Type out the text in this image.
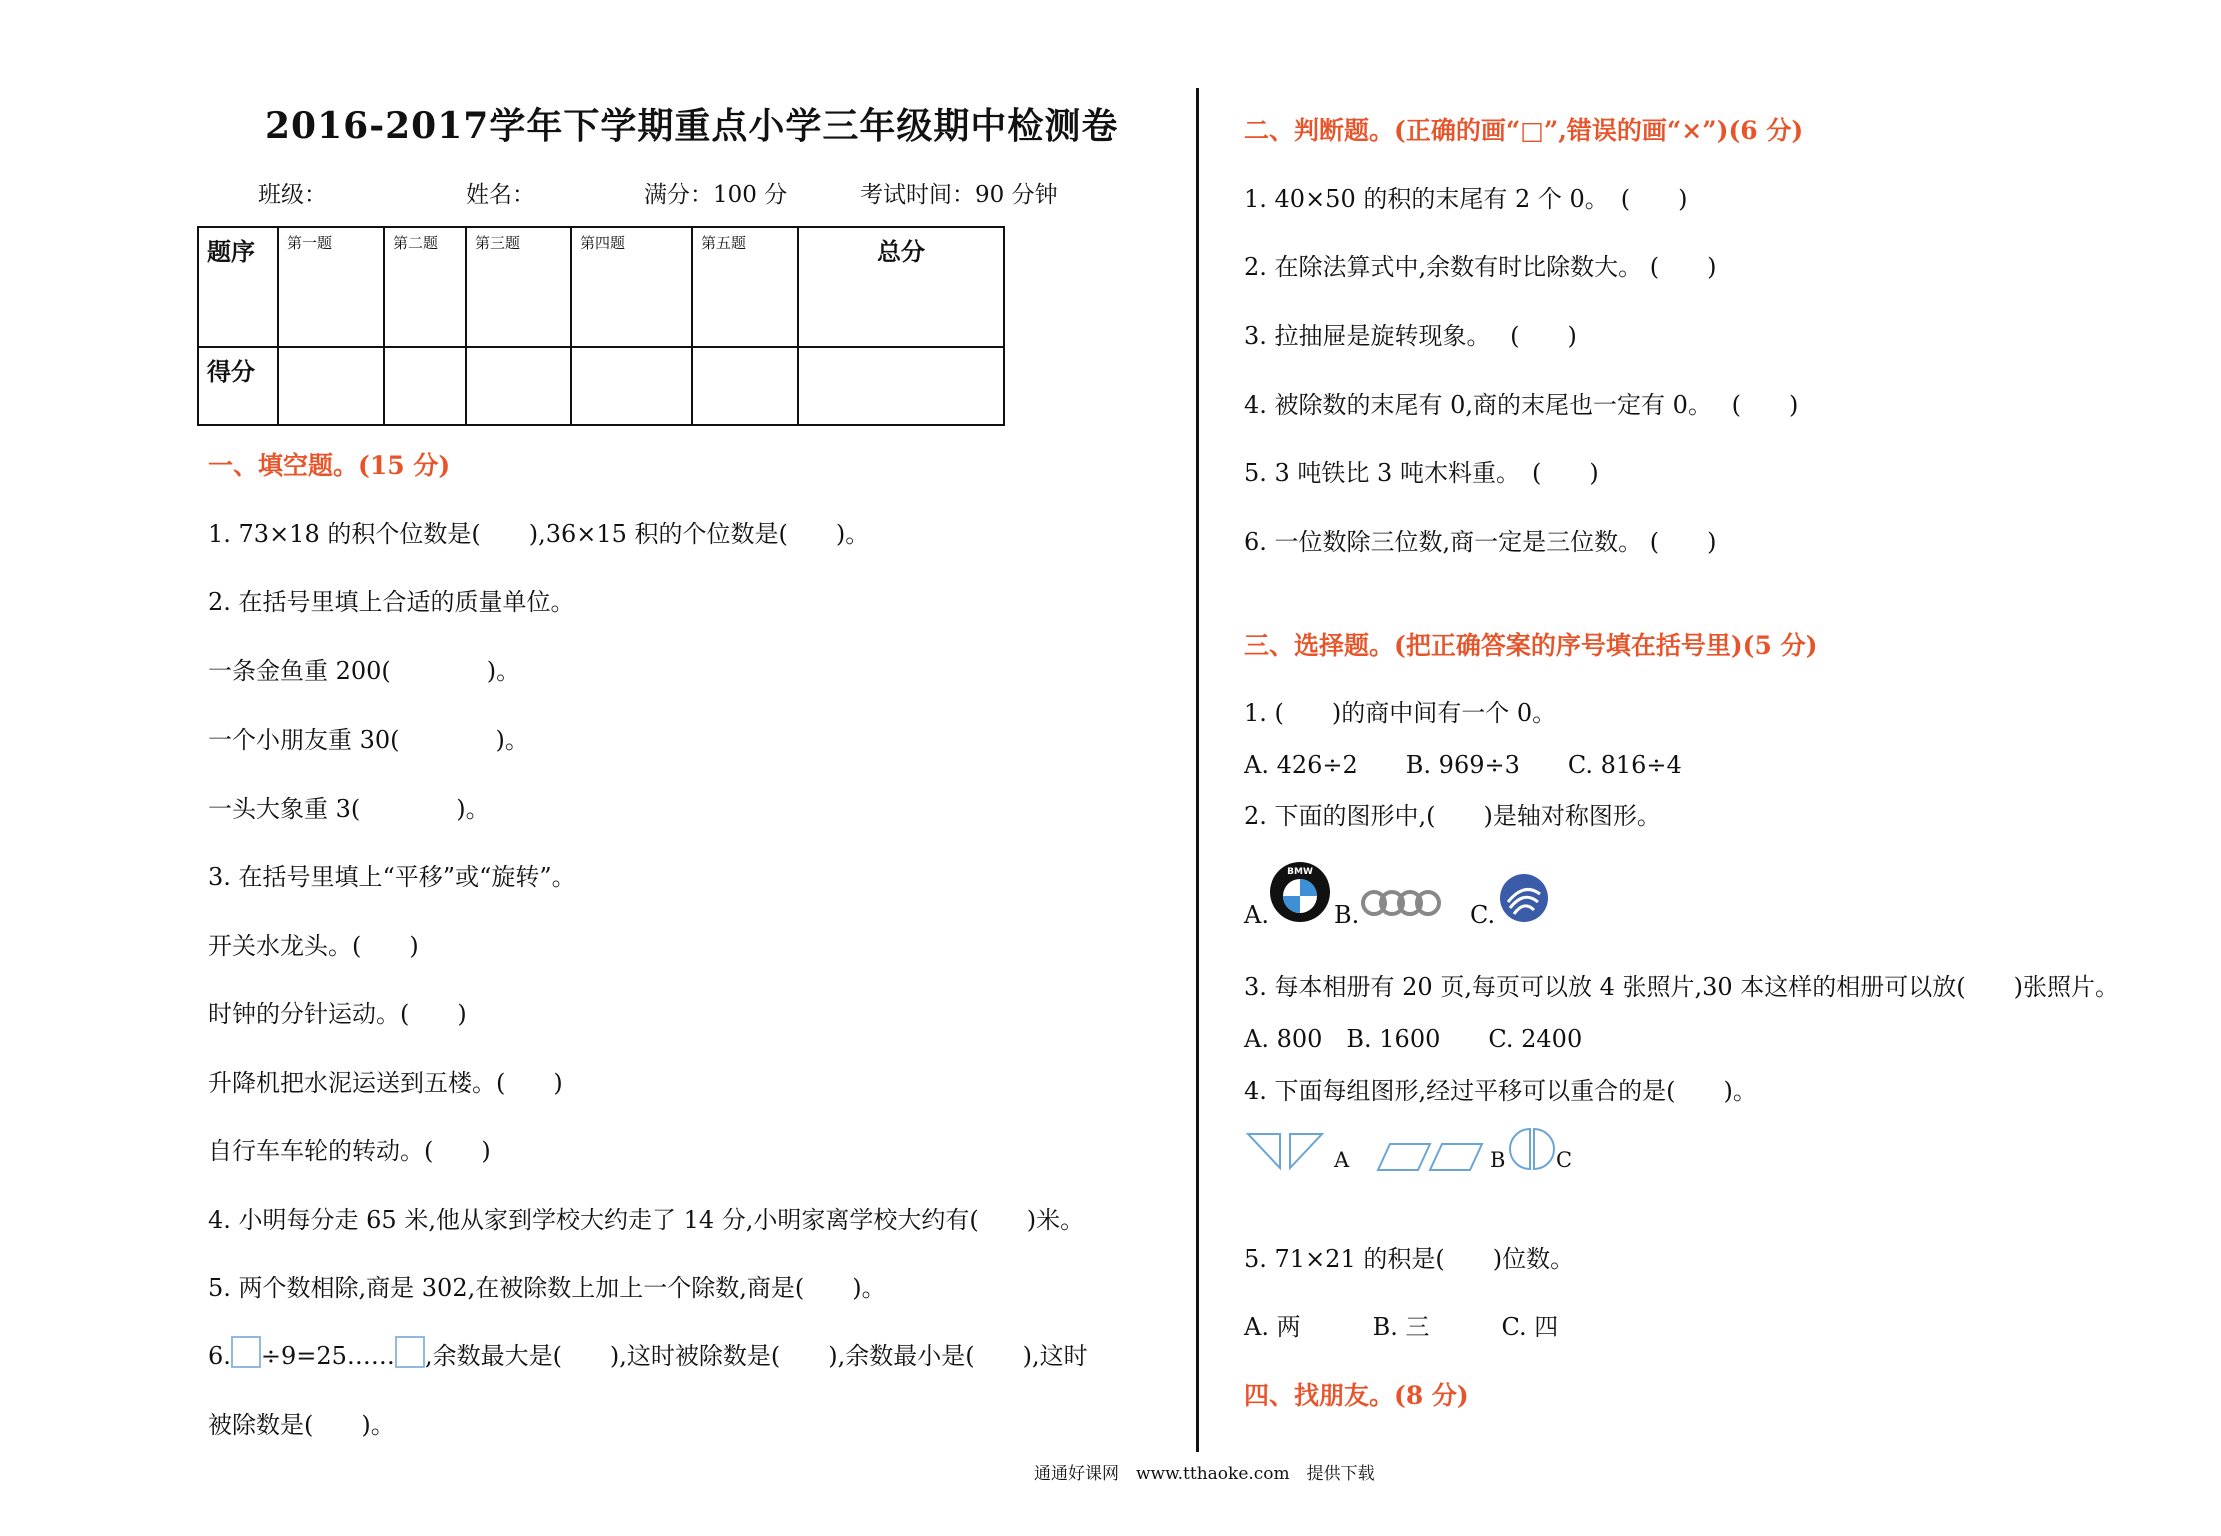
2016-2017学年下学期重点小学三年级期中检测卷
班级：	姓名：	满分：100 分	考试时间：90 分钟
题序	第一题	第二题	第三题	第四题	第五题	总分
得分						
一、填空题。(15 分)
1. 73×18 的积个位数是(　　),36×15 积的个位数是(　　)。
2. 在括号里填上合适的质量单位。
一条金鱼重 200(　　　　)。
一个小朋友重 30(　　　　)。
一头大象重 3(　　　　)。
3. 在括号里填上“平移”或“旋转”。
开关水龙头。(　　)
时钟的分针运动。(　　)
升降机把水泥运送到五楼。(　　)
自行车车轮的转动。(　　)
4. 小明每分走 65 米,他从家到学校大约走了 14 分,小明家离学校大约有(　　)米。
5. 两个数相除,商是 302,在被除数上加上一个除数,商是(　　)。
6. ÷9=25…… ,余数最大是(　　),这时被除数是(　　),余数最小是(　　),这时
被除数是(　　)。
二、判断题。(正确的画“□”,错误的画“×”)(6 分)
1. 40×50 的积的末尾有 2 个 0。　(　　)
2. 在除法算式中,余数有时比除数大。 (　　)
3. 拉抽屉是旋转现象。　 (　　)
4. 被除数的末尾有 0,商的末尾也一定有 0。　 (　　)
5. 3 吨铁比 3 吨木料重。　(　　)
6. 一位数除三位数,商一定是三位数。 (　　)
三、选择题。(把正确答案的序号填在括号里)(5 分)
1. (　　)的商中间有一个 0。
A. 426÷2　　B. 969÷3　　C. 816÷4
2. 下面的图形中,(　　)是轴对称图形。
A.
BMW
B.	C.
3. 每本相册有 20 页,每页可以放 4 张照片,30 本这样的相册可以放(　　)张照片。
A. 800　B. 1600　　C. 2400
4. 下面每组图形,经过平移可以重合的是(　　)。
A	B C
5. 71×21 的积是(　　)位数。
A. 两　　　B. 三　　　C. 四
四、找朋友。(8 分)
通通好课网　www.tthaoke.com　提供下载
